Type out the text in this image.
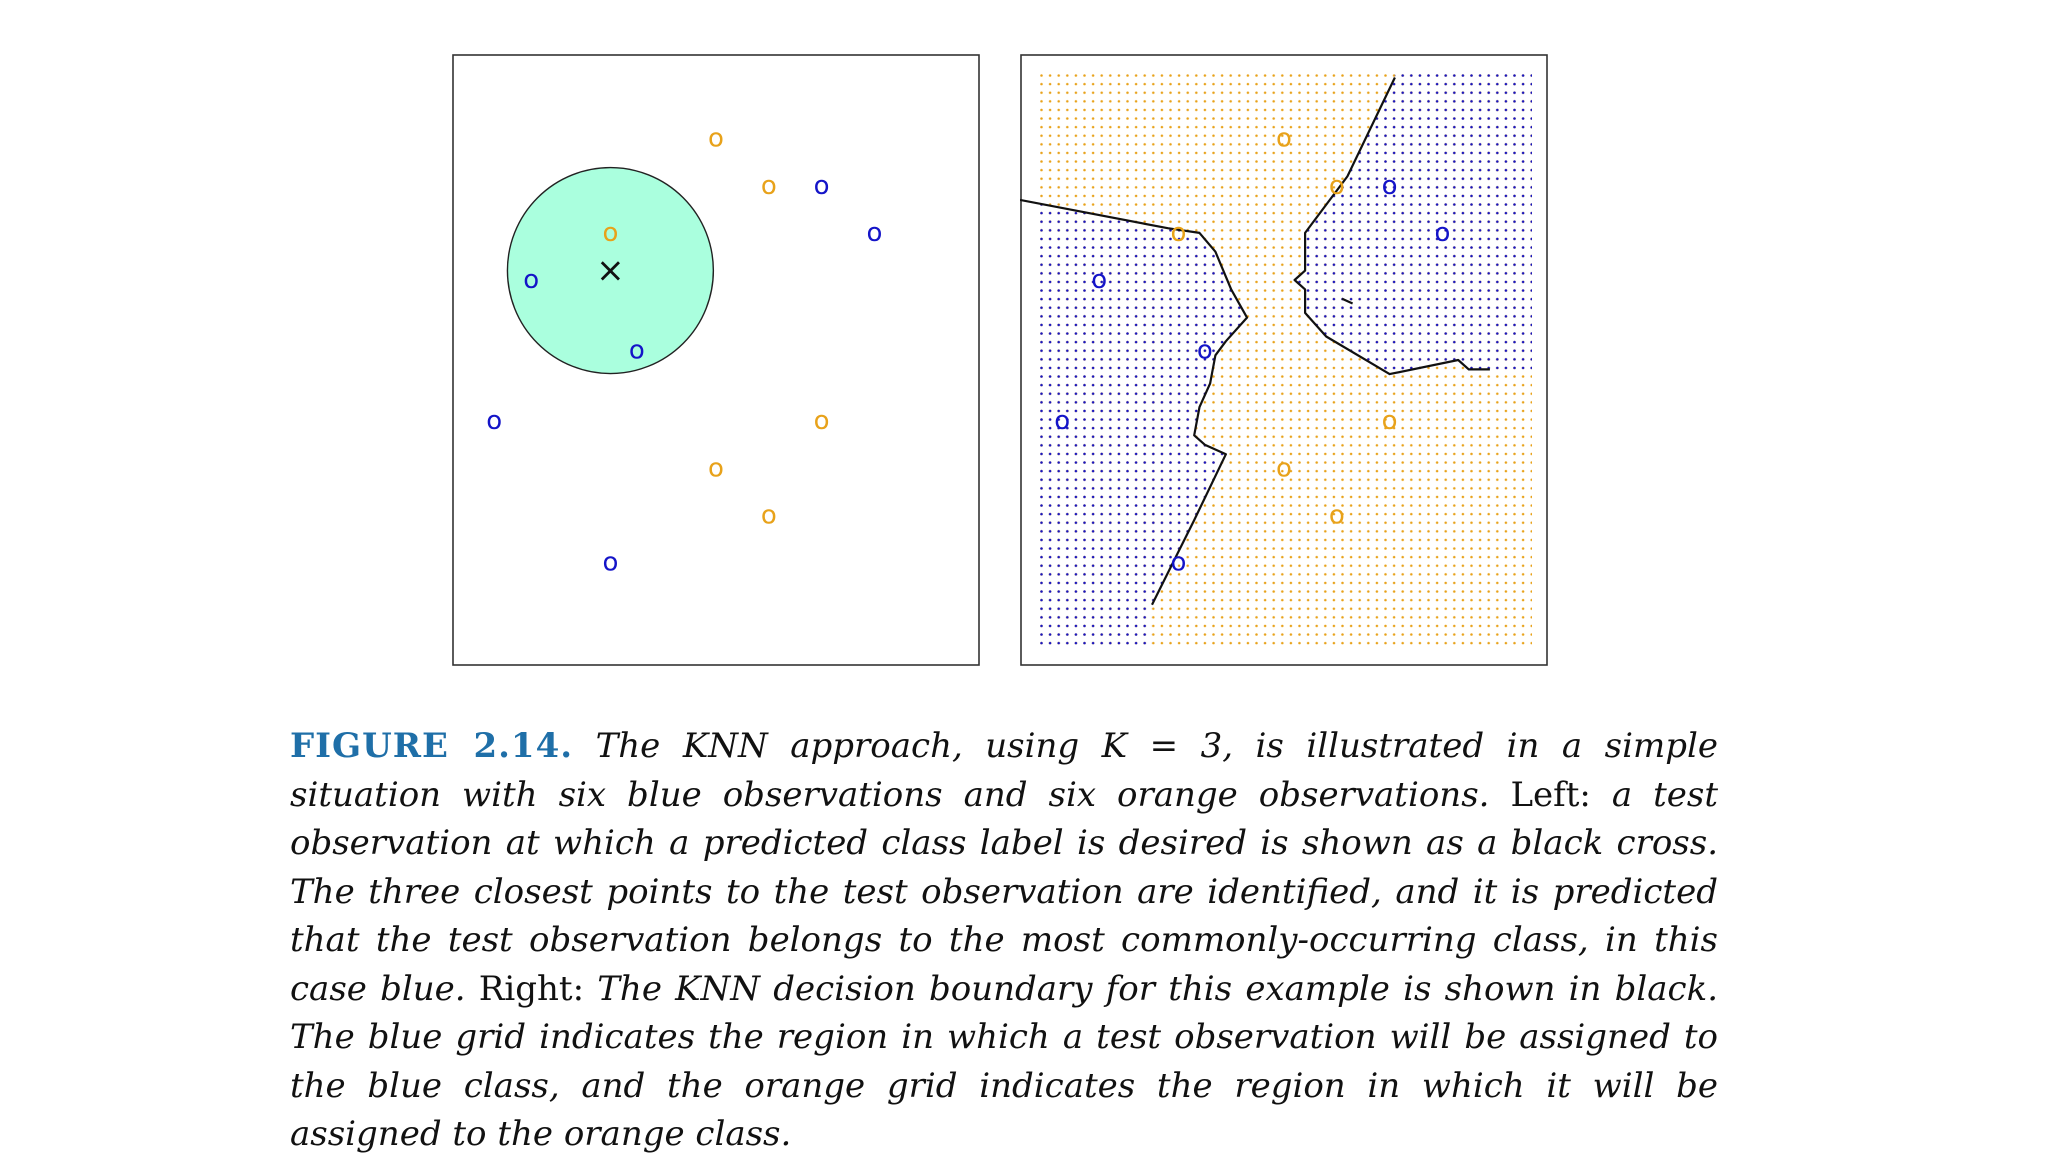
o
o o
o
o
o
o
o	o
o
o
o
×
o
o o
o
o
o
o
o	o
o
o
o
FIGURE 2.14. The KNN approach, using K = 3, is illustrated in a simple situation with six blue observations and six orange observations. Left: a test observation at which a predicted class label is desired is shown as a black cross. The three closest points to the test observation are identified, and it is predicted that the test observation belongs to the most commonly-occurring class, in this case blue. Right: The KNN decision boundary for this example is shown in black. The blue grid indicates the region in which a test observation will be assigned to the blue class, and the orange grid indicates the region in which it will be assigned to the orange class.
